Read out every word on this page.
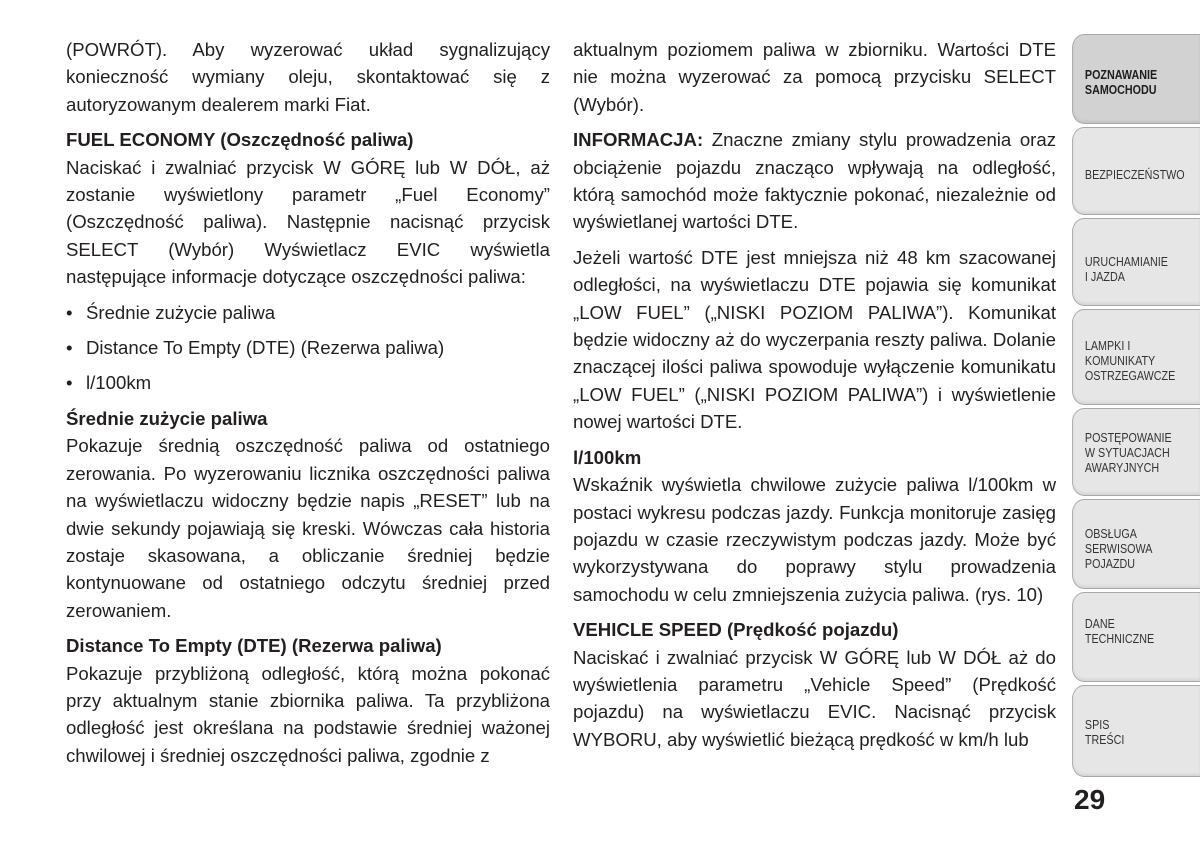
(POWRÓT). Aby wyzerować układ sygnalizujący konieczność wymiany oleju, skontaktować się z autoryzowanym dealerem marki Fiat.

FUEL ECONOMY (Oszczędność paliwa)

Naciskać i zwalniać przycisk W GÓRĘ lub W DÓŁ, aż zostanie wyświetlony parametr „Fuel Economy” (Oszczędność paliwa). Następnie nacisnąć przycisk SELECT (Wybór) Wyświetlacz EVIC wyświetla następujące informacje dotyczące oszczędności paliwa:

• Średnie zużycie paliwa
• Distance To Empty (DTE) (Rezerwa paliwa)
• l/100km

Średnie zużycie paliwa

Pokazuje średnią oszczędność paliwa od ostatniego zerowania. Po wyzerowaniu licznika oszczędności paliwa na wyświetlaczu widoczny będzie napis „RESET” lub na dwie sekundy pojawiają się kreski. Wówczas cała historia zostaje skasowana, a obliczanie średniej będzie kontynuowane od ostatniego odczytu średniej przed zerowaniem.

Distance To Empty (DTE) (Rezerwa paliwa)

Pokazuje przybliżoną odległość, którą można pokonać przy aktualnym stanie zbiornika paliwa. Ta przybliżona odległość jest określana na podstawie średniej ważonej chwilowej i średniej oszczędności paliwa, zgodnie z

aktualnym poziomem paliwa w zbiorniku. Wartości DTE nie można wyzerować za pomocą przycisku SELECT (Wybór).

INFORMACJA: Znaczne zmiany stylu prowadzenia oraz obciążenie pojazdu znacząco wpływają na odległość, którą samochód może faktycznie pokonać, niezależnie od wyświetlanej wartości DTE.

Jeżeli wartość DTE jest mniejsza niż 48 km szacowanej odległości, na wyświetlaczu DTE pojawia się komunikat „LOW FUEL” („NISKI POZIOM PALIWA”). Komunikat będzie widoczny aż do wyczerpania reszty paliwa. Dolanie znaczącej ilości paliwa spowoduje wyłączenie komunikatu „LOW FUEL” („NISKI POZIOM PALIWA”) i wyświetlenie nowej wartości DTE.

l/100km

Wskaźnik wyświetla chwilowe zużycie paliwa l/100km w postaci wykresu podczas jazdy. Funkcja monitoruje zasięg pojazdu w czasie rzeczywistym podczas jazdy. Może być wykorzystywana do poprawy stylu prowadzenia samochodu w celu zmniejszenia zużycia paliwa. (rys. 10)

VEHICLE SPEED (Prędkość pojazdu)

Naciskać i zwalniać przycisk W GÓRĘ lub W DÓŁ aż do wyświetlenia parametru „Vehicle Speed” (Prędkość pojazdu) na wyświetlaczu EVIC. Nacisnąć przycisk WYBORU, aby wyświetlić bieżącą prędkość w km/h lub

POZNAWANIE
SAMOCHODU
BEZPIECZEŃSTWO
URUCHAMIANIE
I JAZDA
LAMPKI I
KOMUNIKATY
OSTRZEGAWCZE
POSTĘPOWANIE
W SYTUACJACH
AWARYJNYCH
OBSŁUGA
SERWISOWA
POJAZDU
DANE
TECHNICZNE
SPIS
TREŚCI
29
